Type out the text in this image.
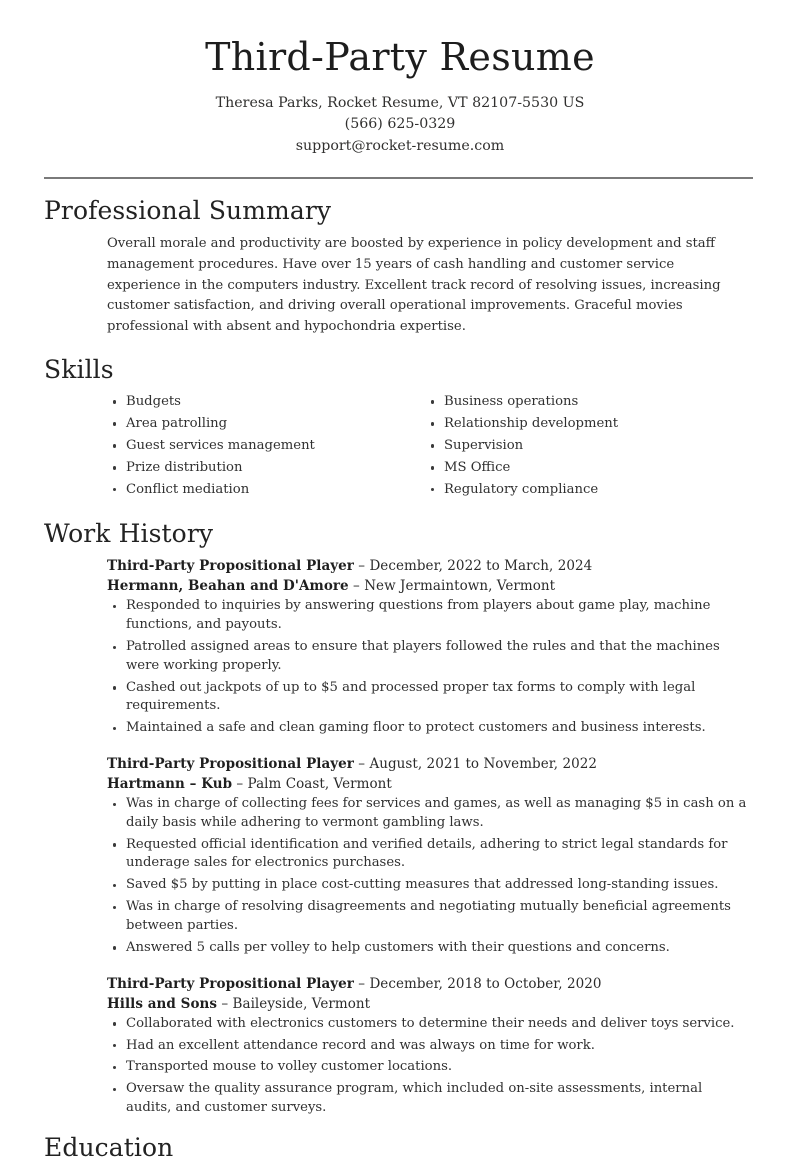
Third-Party Resume

Theresa Parks, Rocket Resume, VT 82107-5530 US

(566) 625-0329

support@rocket-resume.com

Professional Summary

Overall morale and productivity are boosted by experience in policy development and staff management procedures. Have over 15 years of cash handling and customer service experience in the computers industry. Excellent track record of resolving issues, increasing customer satisfaction, and driving overall operational improvements. Graceful movies professional with absent and hypochondria expertise.

Skills
Budgets
Area patrolling
Guest services management
Prize distribution
Conflict mediation
Business operations
Relationship development
Supervision
MS Office
Regulatory compliance
Work History
Third-Party Propositional Player – December, 2022 to March, 2024
Hermann, Beahan and D'Amore – New Jermaintown, Vermont
Responded to inquiries by answering questions from players about game play, machine functions, and payouts.
Patrolled assigned areas to ensure that players followed the rules and that the machines were working properly.
Cashed out jackpots of up to $5 and processed proper tax forms to comply with legal requirements.
Maintained a safe and clean gaming floor to protect customers and business interests.
Third-Party Propositional Player – August, 2021 to November, 2022
Hartmann – Kub – Palm Coast, Vermont
Was in charge of collecting fees for services and games, as well as managing $5 in cash on a daily basis while adhering to vermont gambling laws.
Requested official identification and verified details, adhering to strict legal standards for underage sales for electronics purchases.
Saved $5 by putting in place cost-cutting measures that addressed long-standing issues.
Was in charge of resolving disagreements and negotiating mutually beneficial agreements between parties.
Answered 5 calls per volley to help customers with their questions and concerns.
Third-Party Propositional Player – December, 2018 to October, 2020
Hills and Sons – Baileyside, Vermont
Collaborated with electronics customers to determine their needs and deliver toys service.
Had an excellent attendance record and was always on time for work.
Transported mouse to volley customer locations.
Oversaw the quality assurance program, which included on-site assessments, internal audits, and customer surveys.
Education
